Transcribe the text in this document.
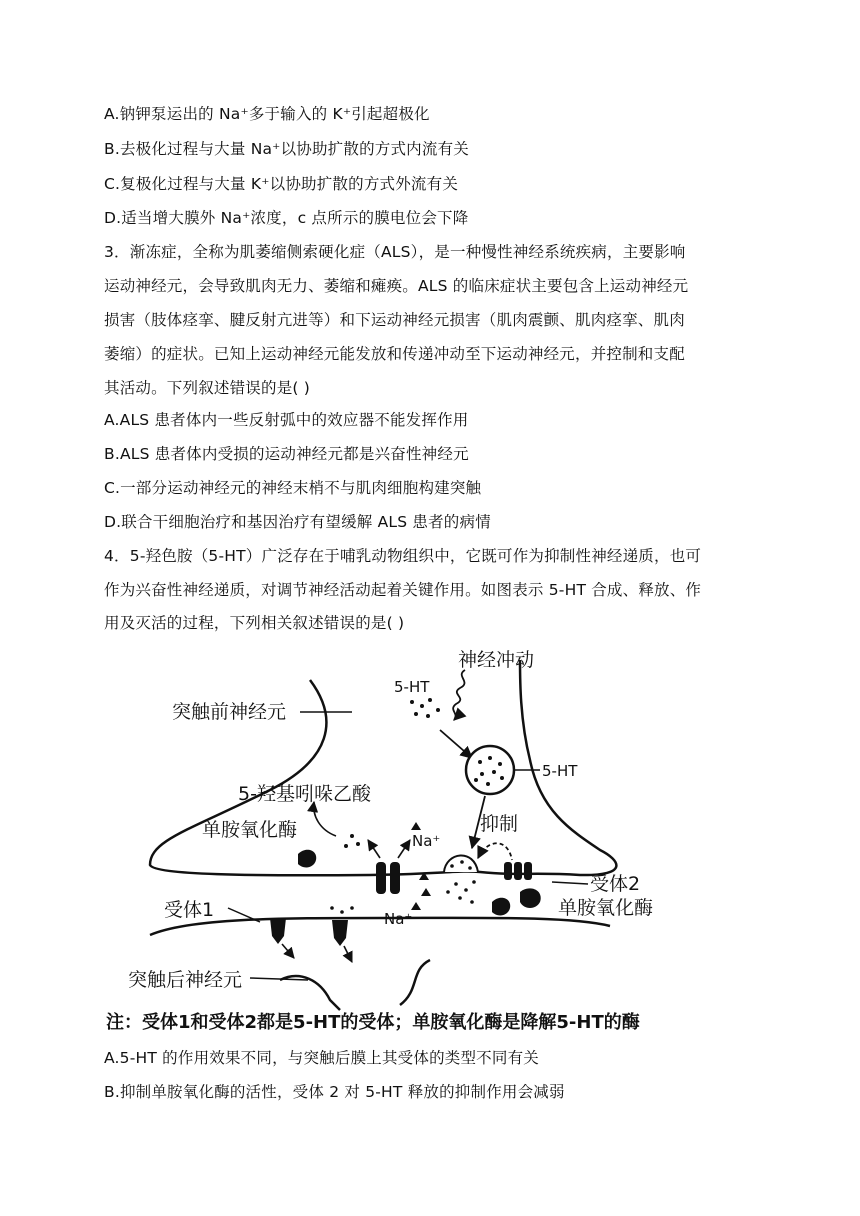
A.钠钾泵运出的 Na⁺多于输入的 K⁺引起超极化
B.去极化过程与大量 Na⁺以协助扩散的方式内流有关
C.复极化过程与大量 K⁺以协助扩散的方式外流有关
D.适当增大膜外 Na⁺浓度，c 点所示的膜电位会下降
3．渐冻症，全称为肌萎缩侧索硬化症（ALS），是一种慢性神经系统疾病，主要影响
运动神经元，会导致肌肉无力、萎缩和瘫痪。ALS 的临床症状主要包含上运动神经元
损害（肢体痉挛、腱反射亢进等）和下运动神经元损害（肌肉震颤、肌肉痉挛、肌肉
萎缩）的症状。已知上运动神经元能发放和传递冲动至下运动神经元，并控制和支配
其活动。下列叙述错误的是( )
A.ALS 患者体内一些反射弧中的效应器不能发挥作用
B.ALS 患者体内受损的运动神经元都是兴奋性神经元
C.一部分运动神经元的神经末梢不与肌肉细胞构建突触
D.联合干细胞治疗和基因治疗有望缓解 ALS 患者的病情
4．5-羟色胺（5-HT）广泛存在于哺乳动物组织中，它既可作为抑制性神经递质，也可
作为兴奋性神经递质，对调节神经活动起着关键作用。如图表示 5-HT 合成、释放、作
用及灭活的过程，下列相关叙述错误的是( )
神经冲动
5-HT
突触前神经元
5-HT
5-羟基吲哚乙酸
单胺氧化酶	Na⁺
抑制
受体2
Na⁺	单胺氧化酶
受体1
突触后神经元
注：受体1和受体2都是5-HT的受体；单胺氧化酶是降解5-HT的酶
A.5-HT 的作用效果不同，与突触后膜上其受体的类型不同有关
B.抑制单胺氧化酶的活性，受体 2 对 5-HT 释放的抑制作用会减弱
